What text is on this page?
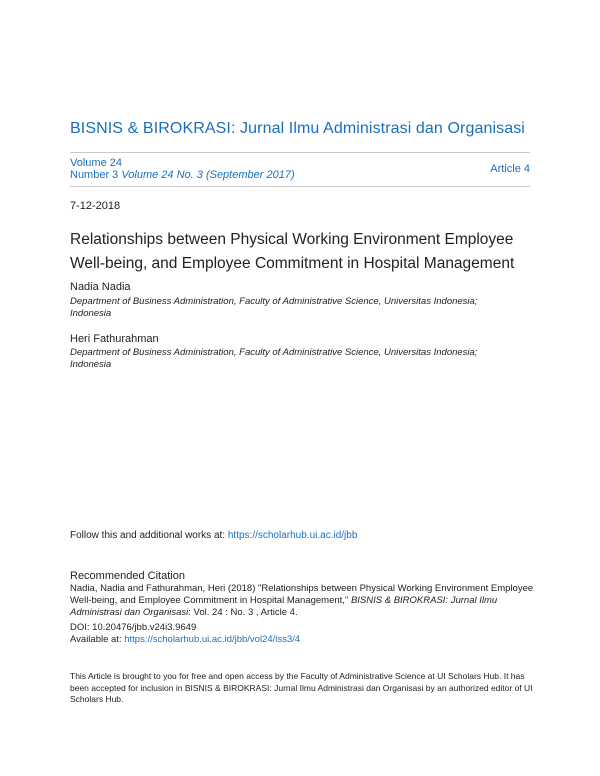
BISNIS & BIROKRASI: Jurnal Ilmu Administrasi dan Organisasi
Volume 24
Number 3 Volume 24 No. 3 (September 2017)	Article 4
7-12-2018
Relationships between Physical Working Environment Employee Well-being, and Employee Commitment in Hospital Management
Nadia Nadia
Department of Business Administration, Faculty of Administrative Science, Universitas Indonesia; Indonesia
Heri Fathurahman
Department of Business Administration, Faculty of Administrative Science, Universitas Indonesia; Indonesia
Follow this and additional works at: https://scholarhub.ui.ac.id/jbb
Recommended Citation
Nadia, Nadia and Fathurahman, Heri (2018) "Relationships between Physical Working Environment Employee Well-being, and Employee Commitment in Hospital Management," BISNIS & BIROKRASI: Jurnal Ilmu Administrasi dan Organisasi: Vol. 24 : No. 3 , Article 4.
DOI: 10.20476/jbb.v24i3.9649
Available at: https://scholarhub.ui.ac.id/jbb/vol24/iss3/4
This Article is brought to you for free and open access by the Faculty of Administrative Science at UI Scholars Hub. It has been accepted for inclusion in BISNIS & BIROKRASI: Jurnal Ilmu Administrasi dan Organisasi by an authorized editor of UI Scholars Hub.
